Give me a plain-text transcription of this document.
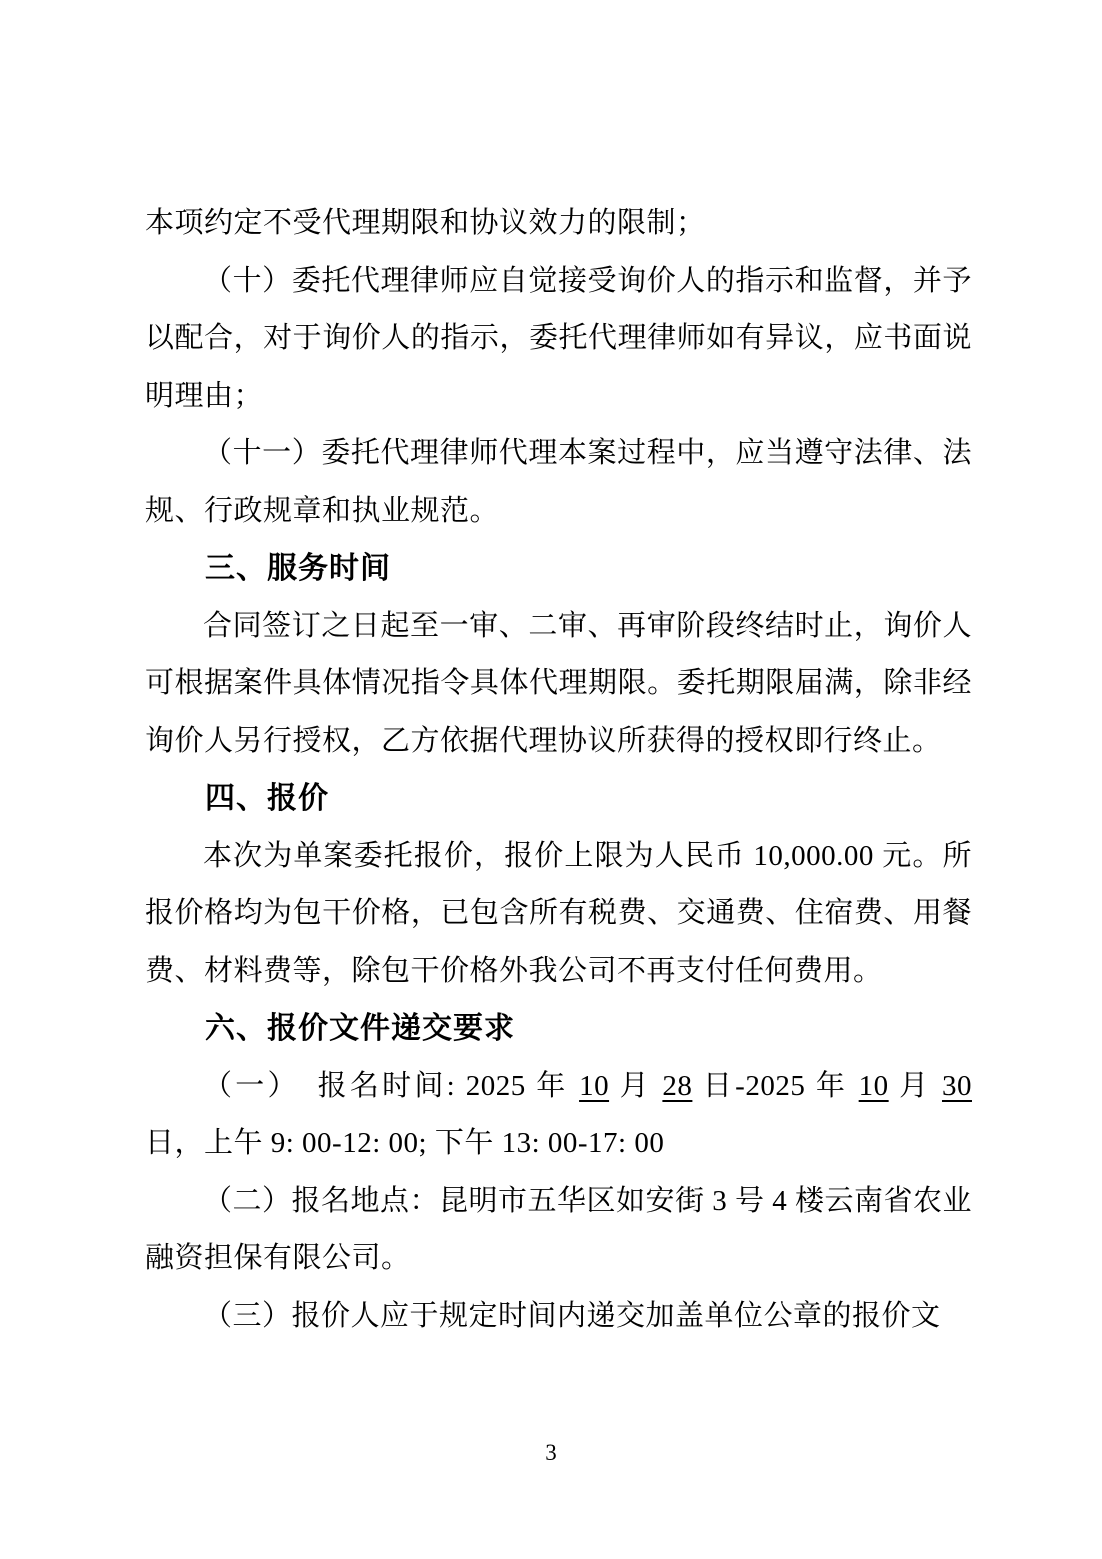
本项约定不受代理期限和协议效力的限制；

（十）委托代理律师应自觉接受询价人的指示和监督，并予以配合，对于询价人的指示，委托代理律师如有异议，应书面说明理由；

（十一）委托代理律师代理本案过程中，应当遵守法律、法规、行政规章和执业规范。

三、服务时间

合同签订之日起至一审、二审、再审阶段终结时止，询价人可根据案件具体情况指令具体代理期限。委托期限届满，除非经询价人另行授权，乙方依据代理协议所获得的授权即行终止。

四、报价

本次为单案委托报价，报价上限为人民币 10,000.00 元。所报价格均为包干价格，已包含所有税费、交通费、住宿费、用餐费、材料费等，除包干价格外我公司不再支付任何费用。

六、报价文件递交要求

（一）　报名时间: 2025 年 10 月 28 日-2025 年 10 月 30 日，上午 9: 00-12: 00; 下午 13: 00-17: 00

（二）报名地点：昆明市五华区如安街 3 号 4 楼云南省农业融资担保有限公司。

（三）报价人应于规定时间内递交加盖单位公章的报价文

3
